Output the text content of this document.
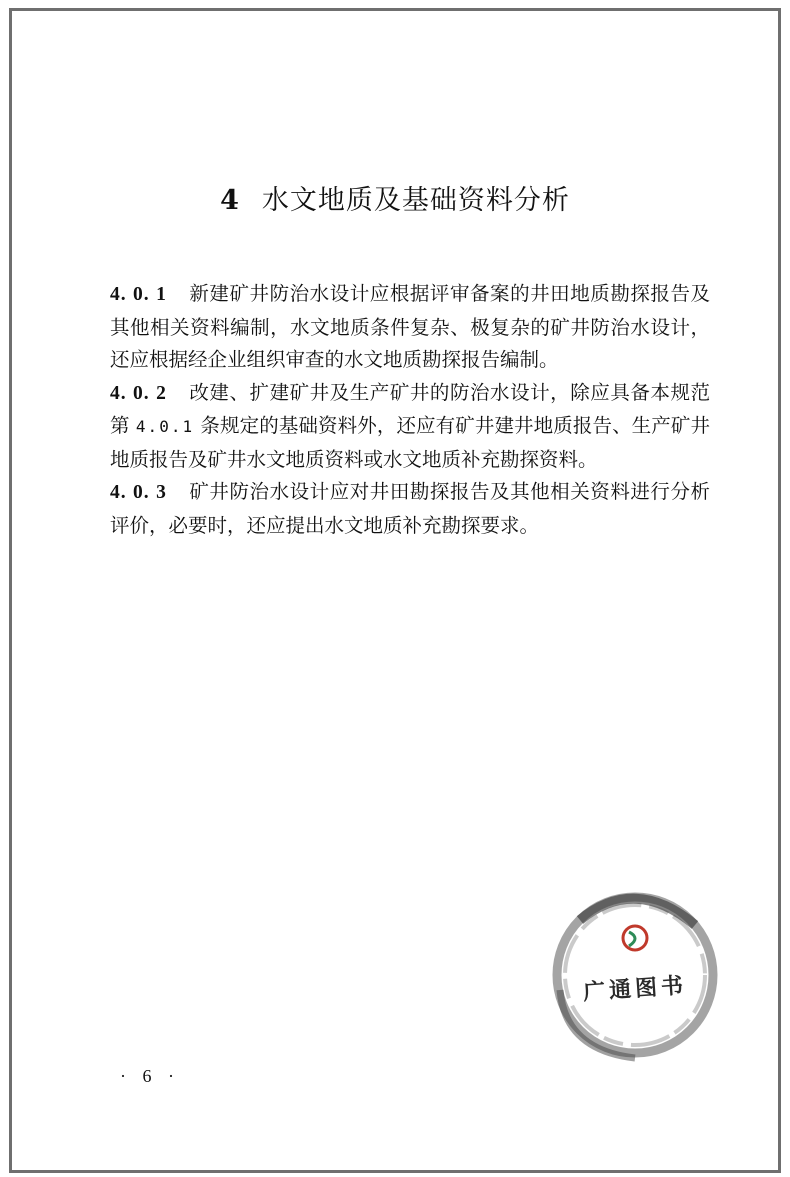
4 水文地质及基础资料分析

4. 0. 1 新建矿井防治水设计应根据评审备案的井田地质勘探报告及其他相关资料编制，水文地质条件复杂、极复杂的矿井防治水设计，还应根据经企业组织审查的水文地质勘探报告编制。

4. 0. 2 改建、扩建矿井及生产矿井的防治水设计，除应具备本规范第 4.0.1 条规定的基础资料外，还应有矿井建井地质报告、生产矿井地质报告及矿井水文地质资料或水文地质补充勘探资料。

4. 0. 3 矿井防治水设计应对井田勘探报告及其他相关资料进行分析评价，必要时，还应提出水文地质补充勘探要求。

广通图书
· 6 ·
